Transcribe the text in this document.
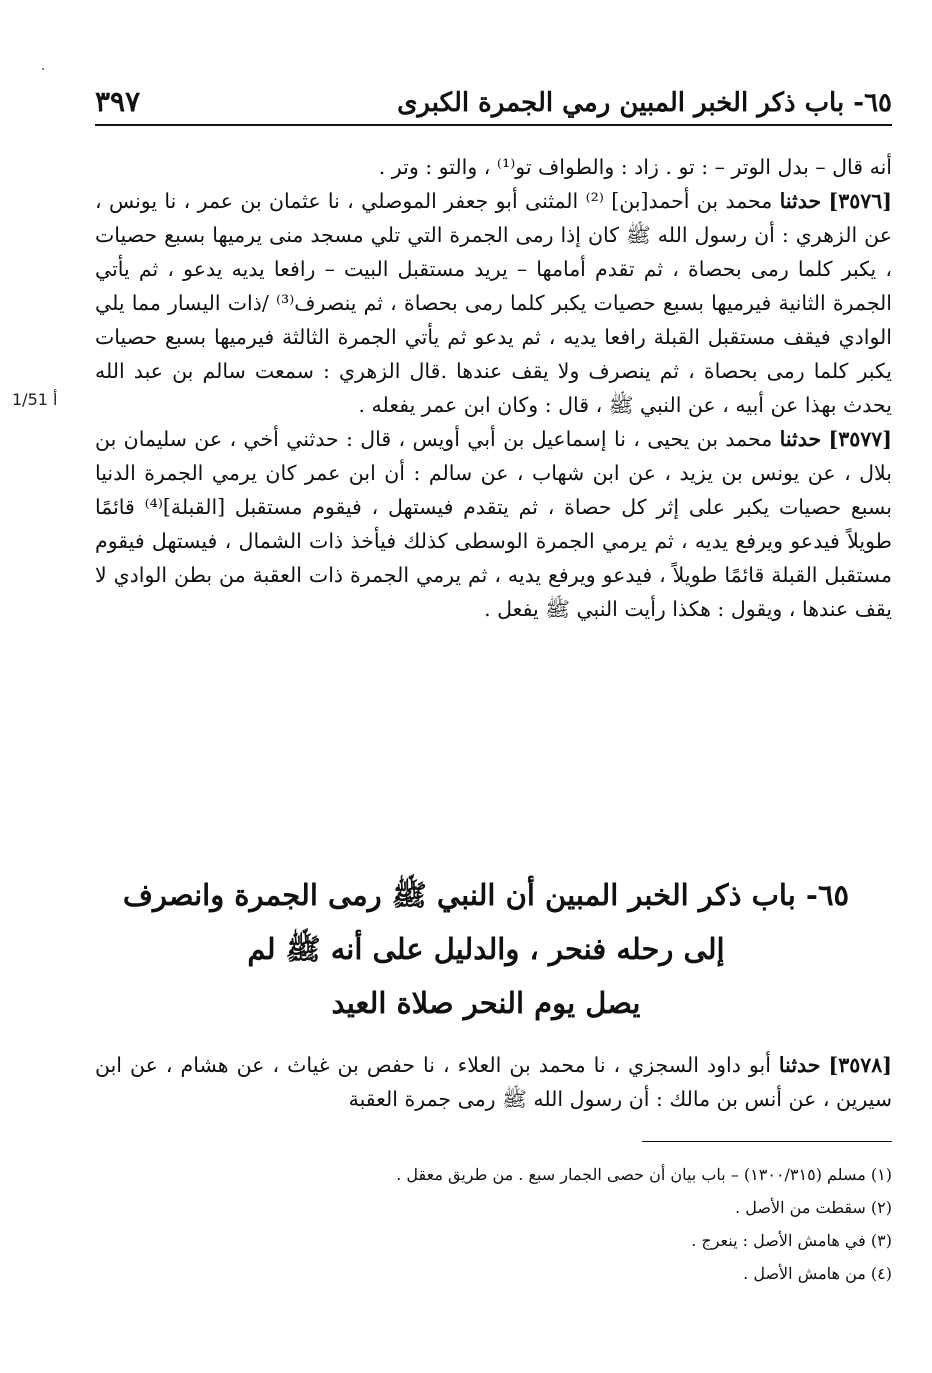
٣٩٧	٦٥- باب ذكر الخبر المبين رمي الجمرة الكبرى
1/51 أ

أنه قال – بدل الوتر – : تو . زاد : والطواف تو⁽¹⁾ ، والتو : وتر .

[٣٥٧٦] حدثنا محمد بن أحمد[بن] ⁽²⁾ المثنى أبو جعفر الموصلي ، نا عثمان بن عمر ، نا يونس ، عن الزهري : أن رسول الله ﷺ كان إذا رمى الجمرة التي تلي مسجد منى يرميها بسبع حصيات ، يكبر كلما رمى بحصاة ، ثم تقدم أمامها – يريد مستقبل البيت – رافعا يديه يدعو ، ثم يأتي الجمرة الثانية فيرميها بسبع حصيات يكبر كلما رمى بحصاة ، ثم ينصرف⁽³⁾ /ذات اليسار مما يلي الوادي فيقف مستقبل القبلة رافعا يديه ، ثم يدعو ثم يأتي الجمرة الثالثة فيرميها بسبع حصيات يكبر كلما رمى بحصاة ، ثم ينصرف ولا يقف عندها .قال الزهري : سمعت سالم بن عبد الله يحدث بهذا عن أبيه ، عن النبي ﷺ ، قال : وكان ابن عمر يفعله .

[٣٥٧٧] حدثنا محمد بن يحيى ، نا إسماعيل بن أبي أويس ، قال : حدثني أخي ، عن سليمان بن بلال ، عن يونس بن يزيد ، عن ابن شهاب ، عن سالم : أن ابن عمر كان يرمي الجمرة الدنيا بسبع حصيات يكبر على إثر كل حصاة ، ثم يتقدم فيستهل ، فيقوم مستقبل [القبلة]⁽⁴⁾ قائمًا طويلاً فيدعو ويرفع يديه ، ثم يرمي الجمرة الوسطى كذلك فيأخذ ذات الشمال ، فيستهل فيقوم مستقبل القبلة قائمًا طويلاً ، فيدعو ويرفع يديه ، ثم يرمي الجمرة ذات العقبة من بطن الوادي لا يقف عندها ، ويقول : هكذا رأيت النبي ﷺ يفعل .

٦٥- باب ذكر الخبر المبين أن النبي ﷺ رمى الجمرة وانصرف
إلى رحله فنحر ، والدليل على أنه ﷺ لم
يصل يوم النحر صلاة العيد
[٣٥٧٨] حدثنا أبو داود السجزي ، نا محمد بن العلاء ، نا حفص بن غياث ، عن هشام ، عن ابن سيرين ، عن أنس بن مالك : أن رسول الله ﷺ رمى جمرة العقبة
(١) مسلم (١٣٠٠/٣١٥) – باب بيان أن حصى الجمار سبع . من طريق معقل .
(٢) سقطت من الأصل .
(٣) في هامش الأصل : ينعرج .
(٤) من هامش الأصل .
